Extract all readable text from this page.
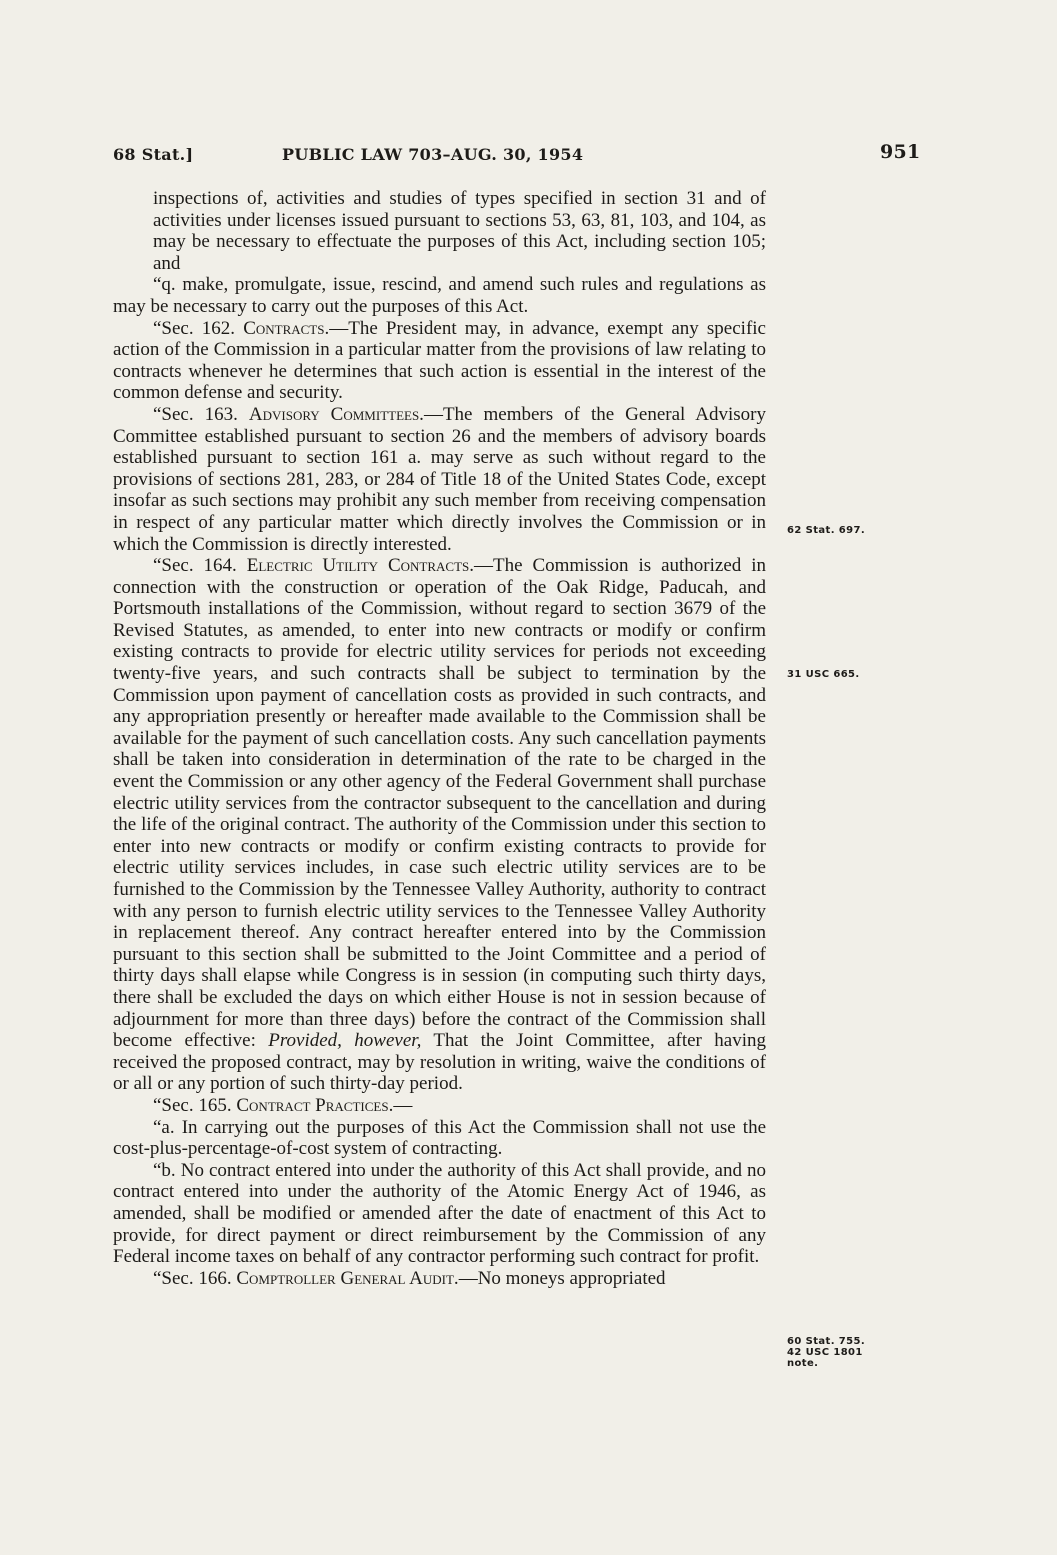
68 Stat.]	PUBLIC LAW 703–AUG. 30, 1954	951

inspections of, activities and studies of types specified in section 31 and of activities under licenses issued pursuant to sections 53, 63, 81, 103, and 104, as may be necessary to effectuate the purposes of this Act, including section 105; and

“q. make, promulgate, issue, rescind, and amend such rules and regulations as may be necessary to carry out the purposes of this Act.

“Sec. 162. Contracts.—The President may, in advance, exempt any specific action of the Commission in a particular matter from the provisions of law relating to contracts whenever he determines that such action is essential in the interest of the common defense and security.

“Sec. 163. Advisory Committees.—The members of the General Advisory Committee established pursuant to section 26 and the members of advisory boards established pursuant to section 161 a. may serve as such without regard to the provisions of sections 281, 283, or 284 of Title 18 of the United States Code, except insofar as such sections may prohibit any such member from receiving compensation in respect of any particular matter which directly involves the Commission or in which the Commission is directly interested.

“Sec. 164. Electric Utility Contracts.—The Commission is authorized in connection with the construction or operation of the Oak Ridge, Paducah, and Portsmouth installations of the Commission, without regard to section 3679 of the Revised Statutes, as amended, to enter into new contracts or modify or confirm existing contracts to provide for electric utility services for periods not exceeding twenty-five years, and such contracts shall be subject to termination by the Commission upon payment of cancellation costs as provided in such contracts, and any appropriation presently or hereafter made available to the Commission shall be available for the payment of such cancellation costs. Any such cancellation payments shall be taken into consideration in determination of the rate to be charged in the event the Commission or any other agency of the Federal Government shall purchase electric utility services from the contractor subsequent to the cancellation and during the life of the original contract. The authority of the Commission under this section to enter into new contracts or modify or confirm existing contracts to provide for electric utility services includes, in case such electric utility services are to be furnished to the Commission by the Tennessee Valley Authority, authority to contract with any person to furnish electric utility services to the Tennessee Valley Authority in replacement thereof. Any contract hereafter entered into by the Commission pursuant to this section shall be submitted to the Joint Committee and a period of thirty days shall elapse while Congress is in session (in computing such thirty days, there shall be excluded the days on which either House is not in session because of adjournment for more than three days) before the contract of the Commission shall become effective: Provided, however, That the Joint Committee, after having received the proposed contract, may by resolution in writing, waive the conditions of or all or any portion of such thirty-day period.

“Sec. 165. Contract Practices.—

“a. In carrying out the purposes of this Act the Commission shall not use the cost-plus-percentage-of-cost system of contracting.

“b. No contract entered into under the authority of this Act shall provide, and no contract entered into under the authority of the Atomic Energy Act of 1946, as amended, shall be modified or amended after the date of enactment of this Act to provide, for direct payment or direct reimbursement by the Commission of any Federal income taxes on behalf of any contractor performing such contract for profit.

“Sec. 166. Comptroller General Audit.—No moneys appropriated

62 Stat. 697.
31 USC 665.
60 Stat. 755.
42 USC 1801
note.
